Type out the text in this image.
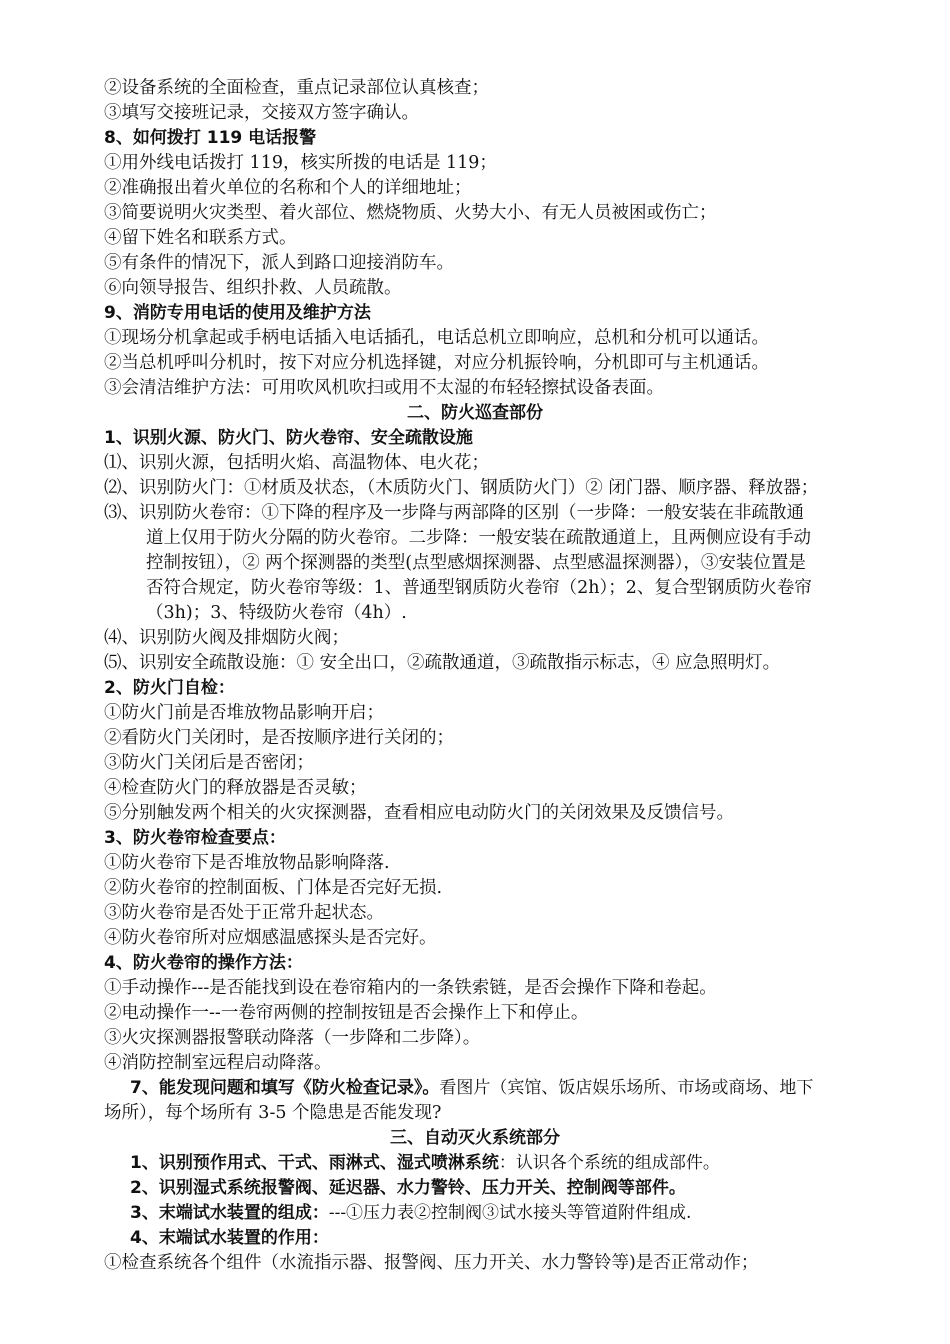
②设备系统的全面检查，重点记录部位认真核查；
③填写交接班记录，交接双方签字确认。
8、如何拨打 119 电话报警
①用外线电话拨打 119，核实所拨的电话是 119；
②准确报出着火单位的名称和个人的详细地址；
③简要说明火灾类型、着火部位、燃烧物质、火势大小、有无人员被困或伤亡；
④留下姓名和联系方式。
⑤有条件的情况下，派人到路口迎接消防车。
⑥向领导报告、组织扑救、人员疏散。
9、消防专用电话的使用及维护方法
①现场分机拿起或手柄电话插入电话插孔，电话总机立即响应，总机和分机可以通话。
②当总机呼叫分机时，按下对应分机选择键，对应分机振铃响，分机即可与主机通话。
③会清洁维护方法：可用吹风机吹扫或用不太湿的布轻轻擦拭设备表面。
二、防火巡查部份
1、识别火源、防火门、防火卷帘、安全疏散设施
⑴、识别火源，包括明火焰、高温物体、电火花；
⑵、识别防火门：①材质及状态，（木质防火门、钢质防火门）② 闭门器、顺序器、释放器；
⑶、识别防火卷帘：①下降的程序及一步降与两部降的区别（一步降：一般安装在非疏散通
道上仅用于防火分隔的防火卷帘。二步降：一般安装在疏散通道上，且两侧应设有手动
控制按钮），② 两个探测器的类型(点型感烟探测器、点型感温探测器），③安装位置是
否符合规定，防火卷帘等级：1、普通型钢质防火卷帘（2h）；2、复合型钢质防火卷帘
（3h)；3、特级防火卷帘（4h）.
⑷、识别防火阀及排烟防火阀；
⑸、识别安全疏散设施：① 安全出口，②疏散通道，③疏散指示标志，④ 应急照明灯。
2、防火门自检：
①防火门前是否堆放物品影响开启；
②看防火门关闭时，是否按顺序进行关闭的；
③防火门关闭后是否密闭；
④检查防火门的释放器是否灵敏；
⑤分别触发两个相关的火灾探测器，查看相应电动防火门的关闭效果及反馈信号。
3、防火卷帘检查要点：
①防火卷帘下是否堆放物品影响降落.
②防火卷帘的控制面板、门体是否完好无损.
③防火卷帘是否处于正常升起状态。
④防火卷帘所对应烟感温感探头是否完好。
4、防火卷帘的操作方法：
①手动操作---是否能找到设在卷帘箱内的一条铁索链，是否会操作下降和卷起。
②电动操作一--一卷帘两侧的控制按钮是否会操作上下和停止。
③火灾探测器报警联动降落（一步降和二步降）。
④消防控制室远程启动降落。
7、能发现问题和填写《防火检查记录》。看图片（宾馆、饭店娱乐场所、市场或商场、地下
场所），每个场所有 3-5 个隐患是否能发现?
三、自动灭火系统部分
1、识别预作用式、干式、雨淋式、湿式喷淋系统：认识各个系统的组成部件。
2、识别湿式系统报警阀、延迟器、水力警铃、压力开关、控制阀等部件。
3、末端试水装置的组成：---①压力表②控制阀③试水接头等管道附件组成.
4、末端试水装置的作用：
①检查系统各个组件（水流指示器、报警阀、压力开关、水力警铃等)是否正常动作；
